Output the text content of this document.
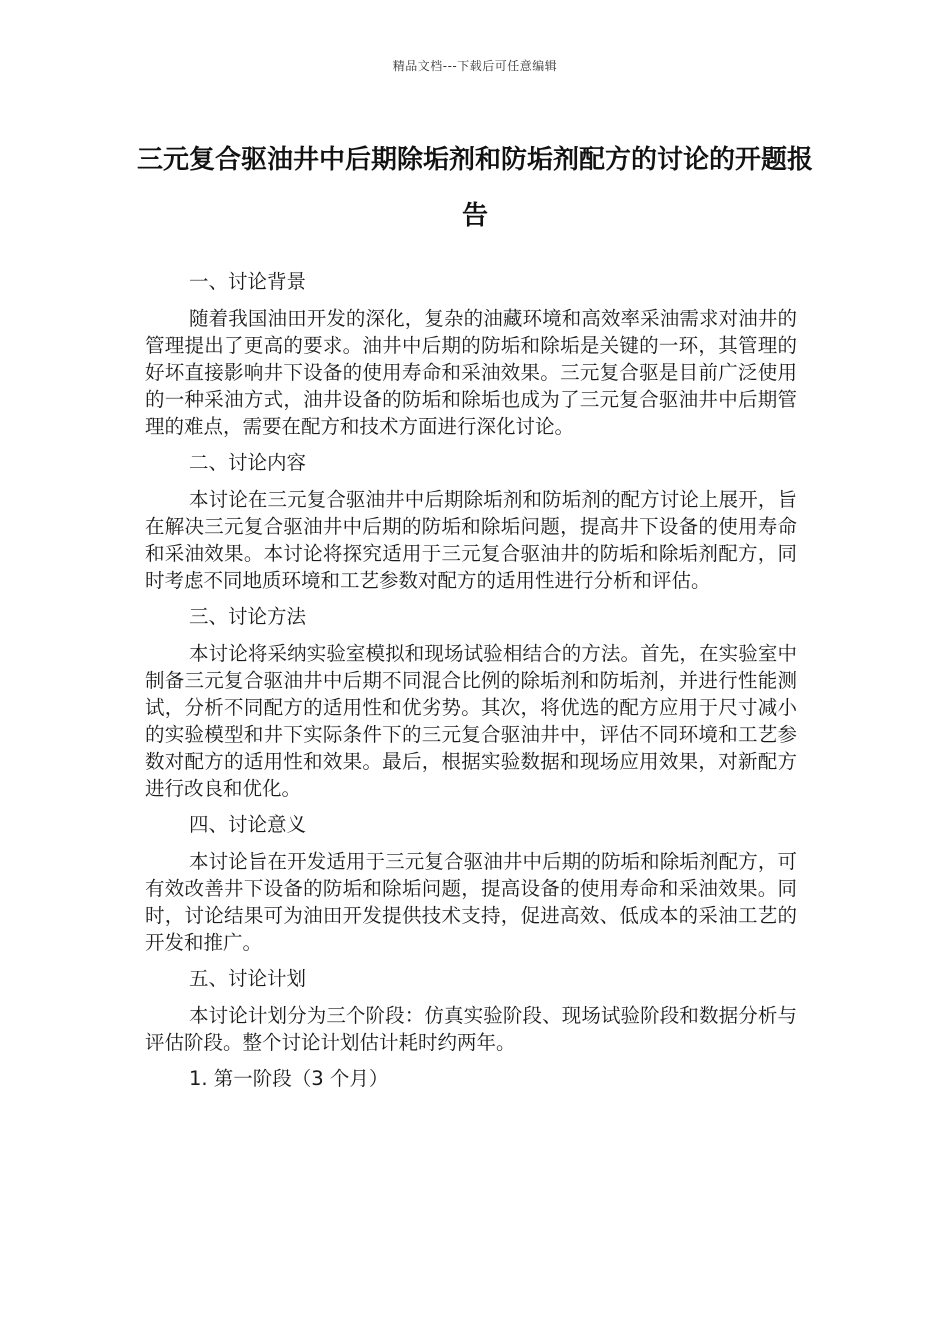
精品文档---下载后可任意编辑
三元复合驱油井中后期除垢剂和防垢剂配方的讨论的开题报告

一、讨论背景

随着我国油田开发的深化，复杂的油藏环境和高效率采油需求对油井的管理提出了更高的要求。油井中后期的防垢和除垢是关键的一环，其管理的好坏直接影响井下设备的使用寿命和采油效果。三元复合驱是目前广泛使用的一种采油方式，油井设备的防垢和除垢也成为了三元复合驱油井中后期管理的难点，需要在配方和技术方面进行深化讨论。

二、讨论内容

本讨论在三元复合驱油井中后期除垢剂和防垢剂的配方讨论上展开，旨在解决三元复合驱油井中后期的防垢和除垢问题，提高井下设备的使用寿命和采油效果。本讨论将探究适用于三元复合驱油井的防垢和除垢剂配方，同时考虑不同地质环境和工艺参数对配方的适用性进行分析和评估。

三、讨论方法

本讨论将采纳实验室模拟和现场试验相结合的方法。首先，在实验室中制备三元复合驱油井中后期不同混合比例的除垢剂和防垢剂，并进行性能测试，分析不同配方的适用性和优劣势。其次，将优选的配方应用于尺寸减小的实验模型和井下实际条件下的三元复合驱油井中，评估不同环境和工艺参数对配方的适用性和效果。最后，根据实验数据和现场应用效果，对新配方进行改良和优化。

四、讨论意义

本讨论旨在开发适用于三元复合驱油井中后期的防垢和除垢剂配方，可有效改善井下设备的防垢和除垢问题，提高设备的使用寿命和采油效果。同时，讨论结果可为油田开发提供技术支持，促进高效、低成本的采油工艺的开发和推广。

五、讨论计划

本讨论计划分为三个阶段：仿真实验阶段、现场试验阶段和数据分析与评估阶段。整个讨论计划估计耗时约两年。

1. 第一阶段（3 个月）
